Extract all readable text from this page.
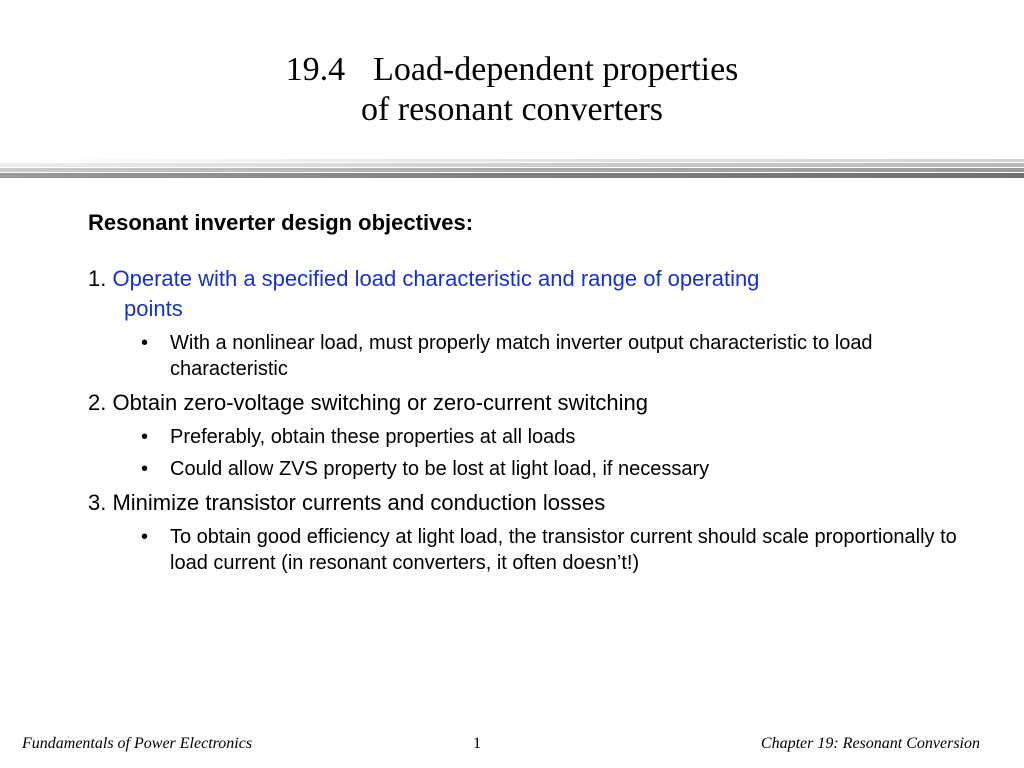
19.4 Load-dependent properties
of resonant converters
Resonant inverter design objectives:
1. Operate with a specified load characteristic and range of operating
points
• With a nonlinear load, must properly match inverter output characteristic to load characteristic
2. Obtain zero-voltage switching or zero-current switching
• Preferably, obtain these properties at all loads
• Could allow ZVS property to be lost at light load, if necessary
3. Minimize transistor currents and conduction losses
• To obtain good efficiency at light load, the transistor current should scale proportionally to load current (in resonant converters, it often doesn’t!)
Fundamentals of Power Electronics	1	Chapter 19: Resonant Conversion
